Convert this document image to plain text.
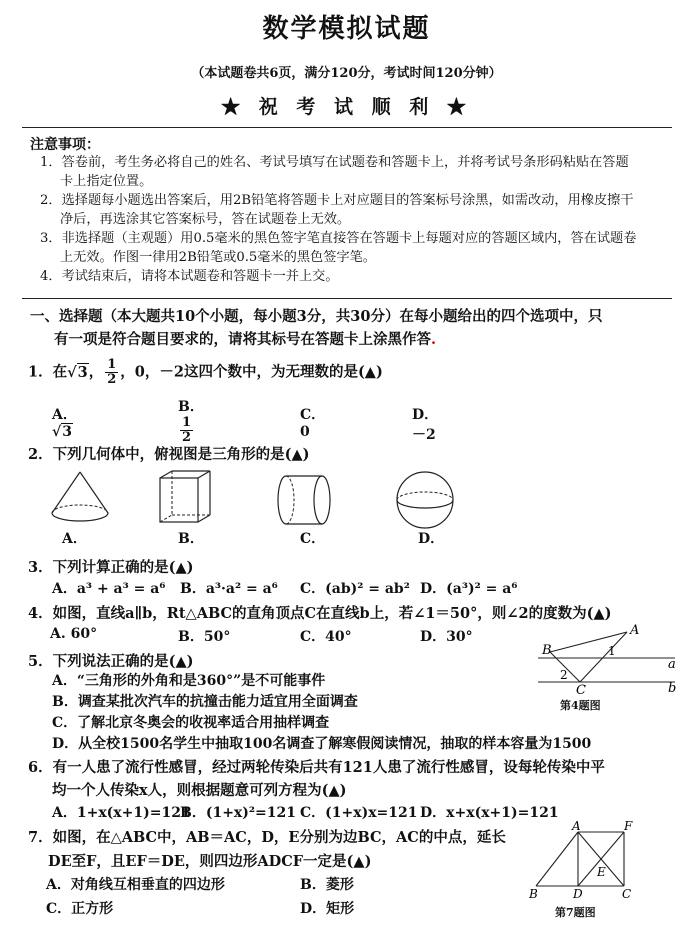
数学模拟试题
（本试题卷共6页，满分120分，考试时间120分钟）
★ 祝 考 试 顺 利 ★
注意事项：
1．答卷前，考生务必将自己的姓名、考试号填写在试题卷和答题卡上，并将考试号条形码粘贴在答题卡上指定位置。
2．选择题每小题选出答案后，用2B铅笔将答题卡上对应题目的答案标号涂黑，如需改动，用橡皮擦干净后，再选涂其它答案标号，答在试题卷上无效。
3．非选择题（主观题）用0.5毫米的黑色签字笔直接答在答题卡上每题对应的答题区域内，答在试题卷上无效。作图一律用2B铅笔或0.5毫米的黑色签字笔。
4．考试结束后，请将本试题卷和答题卡一并上交。
一、选择题（本大题共10个小题，每小题3分，共30分）在每小题给出的四个选项中，只
有一项是符合题目要求的，请将其标号在答题卡上涂黑作答.
1．在√3， $\frac{1}{2}$ ，0，－2这四个数中，为无理数的是(▲)
A．√3
B．
$\frac{1}{2}$
C．0
D．－2
2．下列几何体中，俯视图是三角形的是(▲)
A．	B．	C．	D．
3．下列计算正确的是(▲)
A．a³ + a³ = a⁶ B．a³·a² = a⁶ C．(ab)² = ab² D．(a³)² = a⁶
4．如图，直线a∥b，Rt△ABC的直角顶点C在直线b上，若∠1＝50°，则∠2的度数为(▲)
A. 60°	B．50°	C．40°	D．30°	A
B
C
1
2
a
b
第4题图
5．下列说法正确的是(▲)
A．“三角形的外角和是360°”是不可能事件
B．调查某批次汽车的抗撞击能力适宜用全面调查
C．了解北京冬奥会的收视率适合用抽样调查
D．从全校1500名学生中抽取100名调查了解寒假阅读情况，抽取的样本容量为1500
6．有一人患了流行性感冒，经过两轮传染后共有121人患了流行性感冒，设每轮传染中平
均一个人传染x人，则根据题意可列方程为(▲)
A．1+x(x+1)=121
B．(1+x)²=121 C．(1+x)x=121 D．x+x(x+1)=121
7．如图，在△ABC中，AB＝AC，D，E分别为边BC，AC的中点，延长
DE至F，且EF＝DE，则四边形ADCF一定是(▲)
A．对角线互相垂直的四边形	B．菱形
C．正方形	D．矩形
A	F
E
B	D	C
第7题图
